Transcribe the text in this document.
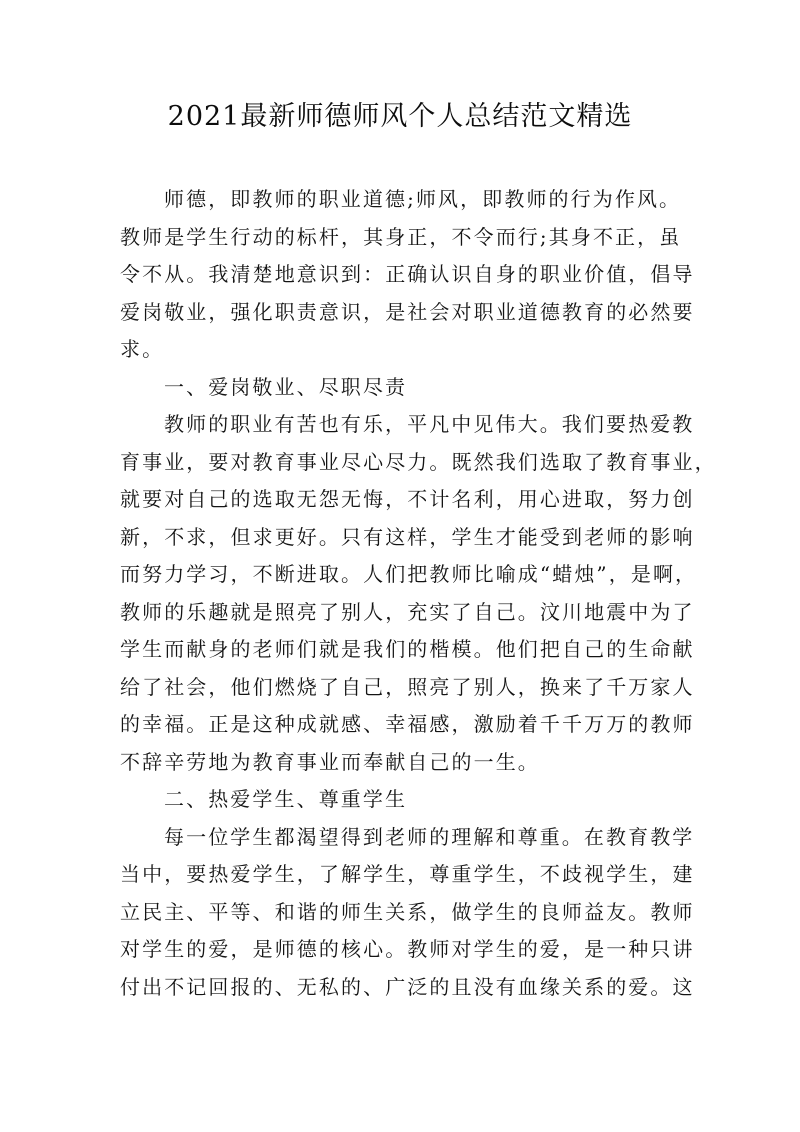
2021最新师德师风个人总结范文精选
师德，即教师的职业道德;师风，即教师的行为作风。
教师是学生行动的标杆，其身正，不令而行;其身不正，虽
令不从。我清楚地意识到：正确认识自身的职业价值，倡导
爱岗敬业，强化职责意识，是社会对职业道德教育的必然要
求。
一、爱岗敬业、尽职尽责
教师的职业有苦也有乐，平凡中见伟大。我们要热爱教
育事业，要对教育事业尽心尽力。既然我们选取了教育事业，
就要对自己的选取无怨无悔，不计名利，用心进取，努力创
新，不求，但求更好。只有这样，学生才能受到老师的影响
而努力学习，不断进取。人们把教师比喻成“蜡烛”，是啊，
教师的乐趣就是照亮了别人，充实了自己。汶川地震中为了
学生而献身的老师们就是我们的楷模。他们把自己的生命献
给了社会，他们燃烧了自己，照亮了别人，换来了千万家人
的幸福。正是这种成就感、幸福感，激励着千千万万的教师
不辞辛劳地为教育事业而奉献自己的一生。
二、热爱学生、尊重学生
每一位学生都渴望得到老师的理解和尊重。在教育教学
当中，要热爱学生，了解学生，尊重学生，不歧视学生，建
立民主、平等、和谐的师生关系，做学生的良师益友。教师
对学生的爱，是师德的核心。教师对学生的爱，是一种只讲
付出不记回报的、无私的、广泛的且没有血缘关系的爱。这
